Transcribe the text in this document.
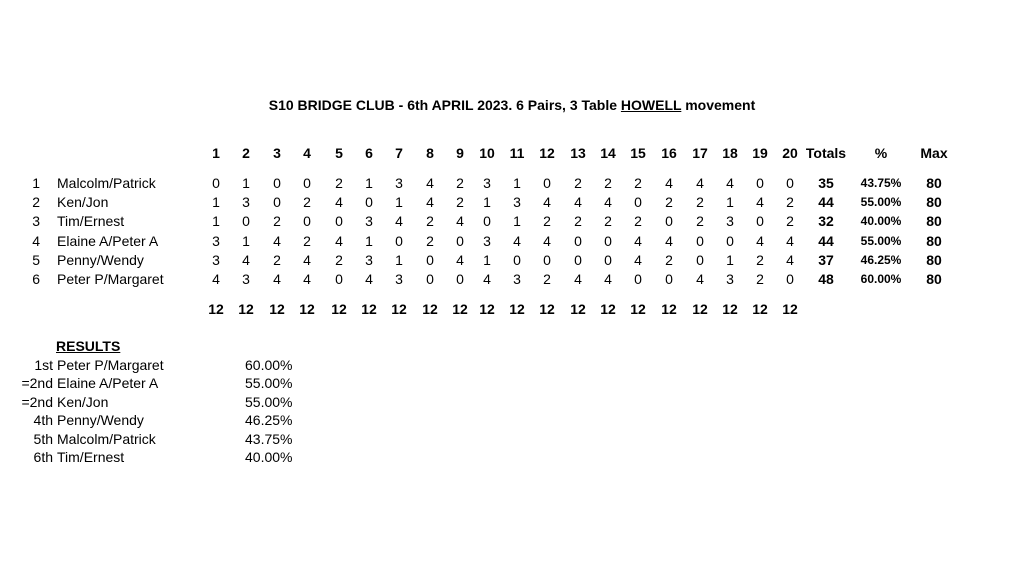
S10 BRIDGE CLUB - 6th APRIL 2023. 6 Pairs, 3 Table HOWELL movement
1 2 3 4 5 6 7 8 9 10 11 12 13 14 15 16 17 18 19 20 Totals % Max
1 Malcolm/Patrick	0 1 0 0 2 1 3 4 2 3 1 0 2 2 2 4 4 4 0 0 35 43.75% 80
2 Ken/Jon	1 3 0 2 4 0 1 4 2 1 3 4 4 4 0 2 2 1 4 2 44 55.00% 80
3 Tim/Ernest	1 0 2 0 0 3 4 2 4 0 1 2 2 2 2 0 2 3 0 2 32 40.00% 80
4 Elaine A/Peter A	3 1 4 2 4 1 0 2 0 3 4 4 0 0 4 4 0 0 4 4 44 55.00% 80
5 Penny/Wendy	3 4 2 4 2 3 1 0 4 1 0 0 0 0 4 2 0 1 2 4 37 46.25% 80
6 Peter P/Margaret	4 3 4 4 0 4 3 0 0 4 3 2 4 4 0 0 4 3 2 0 48 60.00% 80
12 12 12 12 12 12 12 12 12 12 12 12 12 12 12 12 12 12 12 12
RESULTS
1st Peter P/Margaret	60.00%
=2nd Elaine A/Peter A	55.00%
=2nd Ken/Jon	55.00%
4th Penny/Wendy	46.25%
5th Malcolm/Patrick	43.75%
6th Tim/Ernest	40.00%
